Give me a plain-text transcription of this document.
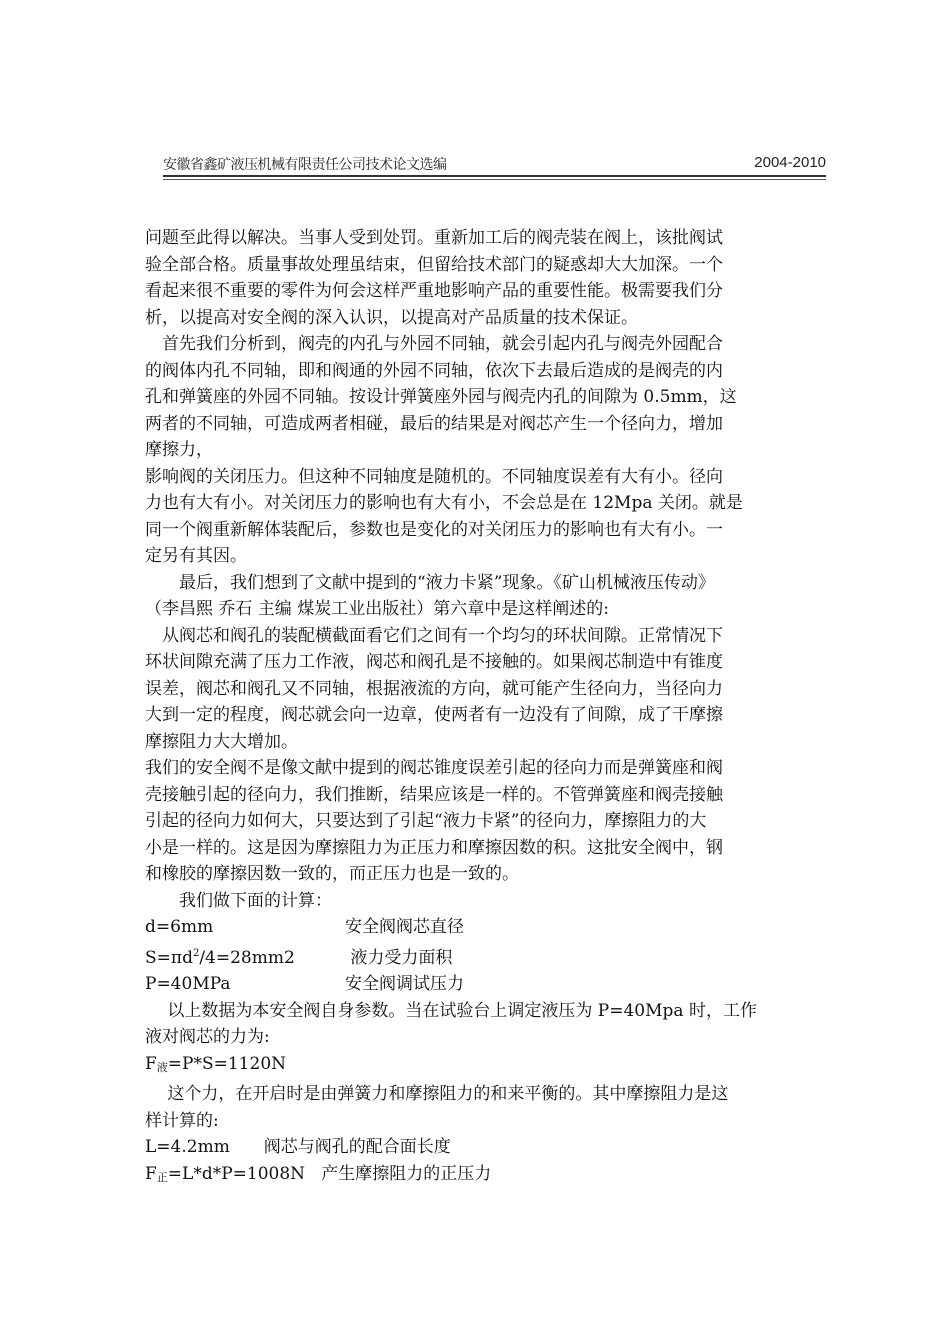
安徽省鑫矿液压机械有限责任公司技术论文选编	2004-2010
问题至此得以解决。当事人受到处罚。重新加工后的阀壳装在阀上，该批阀试
验全部合格。质量事故处理虽结束，但留给技术部门的疑惑却大大加深。一个
看起来很不重要的零件为何会这样严重地影响产品的重要性能。极需要我们分
析，以提高对安全阀的深入认识，以提高对产品质量的技术保证。
　首先我们分析到，阀壳的内孔与外园不同轴，就会引起内孔与阀壳外园配合
的阀体内孔不同轴，即和阀通的外园不同轴，依次下去最后造成的是阀壳的内
孔和弹簧座的外园不同轴。按设计弹簧座外园与阀壳内孔的间隙为 0.5mm，这
两者的不同轴，可造成两者相碰，最后的结果是对阀芯产生一个径向力，增加
摩擦力，
影响阀的关闭压力。但这种不同轴度是随机的。不同轴度误差有大有小。径向
力也有大有小。对关闭压力的影响也有大有小，不会总是在 12Mpa 关闭。就是
同一个阀重新解体装配后，参数也是变化的对关闭压力的影响也有大有小。一
定另有其因。
　　最后，我们想到了文献中提到的“液力卡紧”现象。《矿山机械液压传动》
（李昌熙 乔石 主编 煤炭工业出版社）第六章中是这样阐述的:
　从阀芯和阀孔的装配横截面看它们之间有一个均匀的环状间隙。正常情况下
环状间隙充满了压力工作液，阀芯和阀孔是不接触的。如果阀芯制造中有锥度
误差，阀芯和阀孔又不同轴，根据液流的方向，就可能产生径向力，当径向力
大到一定的程度，阀芯就会向一边章，使两者有一边没有了间隙，成了干摩擦
摩擦阻力大大增加。
我们的安全阀不是像文献中提到的阀芯锥度误差引起的径向力而是弹簧座和阀
壳接触引起的径向力，我们推断，结果应该是一样的。不管弹簧座和阀壳接触
引起的径向力如何大，只要达到了引起“液力卡紧”的径向力，摩擦阻力的大
小是一样的。这是因为摩擦阻力为正压力和摩擦因数的积。这批安全阀中，钢
和橡胶的摩擦因数一致的，而正压力也是一致的。
　　我们做下面的计算：
d=6mm	安全阀阀芯直径
$S=\pi d^2/4=28mm2$	液力受力面积
P=40MPa	安全阀调试压力
　 以上数据为本安全阀自身参数。当在试验台上调定液压为 P=40Mpa 时，工作
液对阀芯的力为:
F液=P*S=1120N
　 这个力，在开启时是由弹簧力和摩擦阻力的和来平衡的。其中摩擦阻力是这
样计算的:
L=4.2mm　　阀芯与阀孔的配合面长度
F正=L*d*P=1008N 产生摩擦阻力的正压力
